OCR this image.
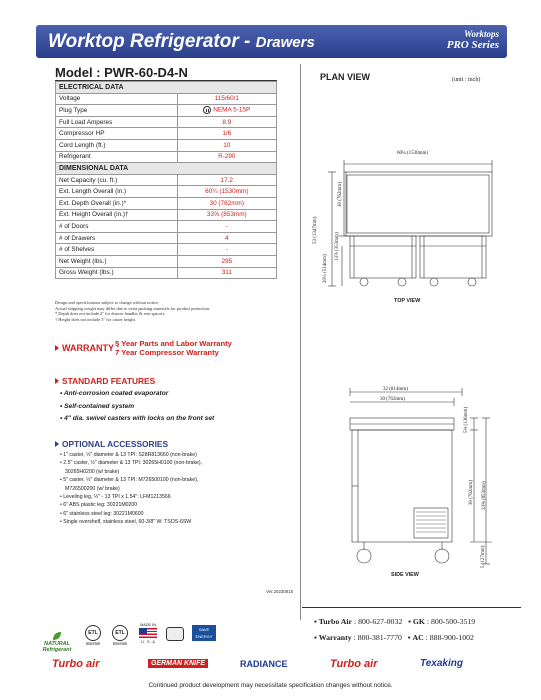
Worktop Refrigerator - Drawers	Worktops
PRO Series
Model : PWR-60-D4-N
ELECTRICAL DATA	
Voltage	115/60/1
Plug Type	NEMA 5-15P
Full Load Amperes	8.9
Compressor HP	1/6
Cord Length (ft.)	10
Refrigerant	R-290
DIMENSIONAL DATA	
Net Capacity (cu. ft.)	17.2
Ext. Length Overall (in.)	60¼ (1530mm)
Ext. Depth Overall (in.)*	30 (762mm)
Ext. Height Overall (in.)†	33⅝ (853mm)
# of Doors	-
# of Drawers	4
# of Shelves	-
Net Weight (lbs.)	295
Gross Weight (lbs.)	311
Design and specifications subject to change without notice.
Actual shipping weight may differ due to extra packing materials for product protection.
* Depth does not include 2" for drawer handles & rear spacers.
† Height does not include 5" for caster height.
WARRANTY :
5 Year Parts and Labor Warranty
7 Year Compressor Warranty
STANDARD FEATURES
• Anti-corrosion coated evaporator
• Self-contained system
• 4" dia. swivel casters with locks on the front set
OPTIONAL ACCESSORIES
• 1" caster, ½" diameter & 13 TPI: S28R813660 (non-brake)
• 2.5" caster, ½" diameter & 13 TPI: 30265H0100 (non-brake),
30265H0200 (w/ brake)
• 5" caster, ½" diameter & 13 TPI: M726500100 (non-brake),
M726500200 (w/ brake)
• Leveling leg, ½" - 13 TPI x 1.54": LFM1213566
• 6" ABS plastic leg: 30221M0200
• 6" stainless steel leg: 30221M0600
• Single overshelf, stainless steel, 60-3/8" W: TSOS-6SW
PLAN VIEW	(unit : inch)
60¼ (1530mm)
30 (762mm)
53 (1347mm)
13⅞ (353mm)
20¼ (514mm)
TOP VIEW
32 (814mm)
30 (762mm)
5⅜ (136mm)
30 (762mm) 33⅝ (853mm)
5 (127mm)
SIDE VIEW
Ver.20230815
▪ Turbo Air : 800-627-0032   ▪ GK : 800-500-3519
▪ Warranty : 800-381-7770   ▪ AC : 888-900-1002
NATURAL
Refrigerant
ETL
Intertek
ETL
Intertek
MADE IN
U . S . A
SAVE
ENERGY
Turbo air	GERMAN KNIFE	RADIANCE	Turbo air	Texaking
Continued product development may necessitate specification changes without notice.
